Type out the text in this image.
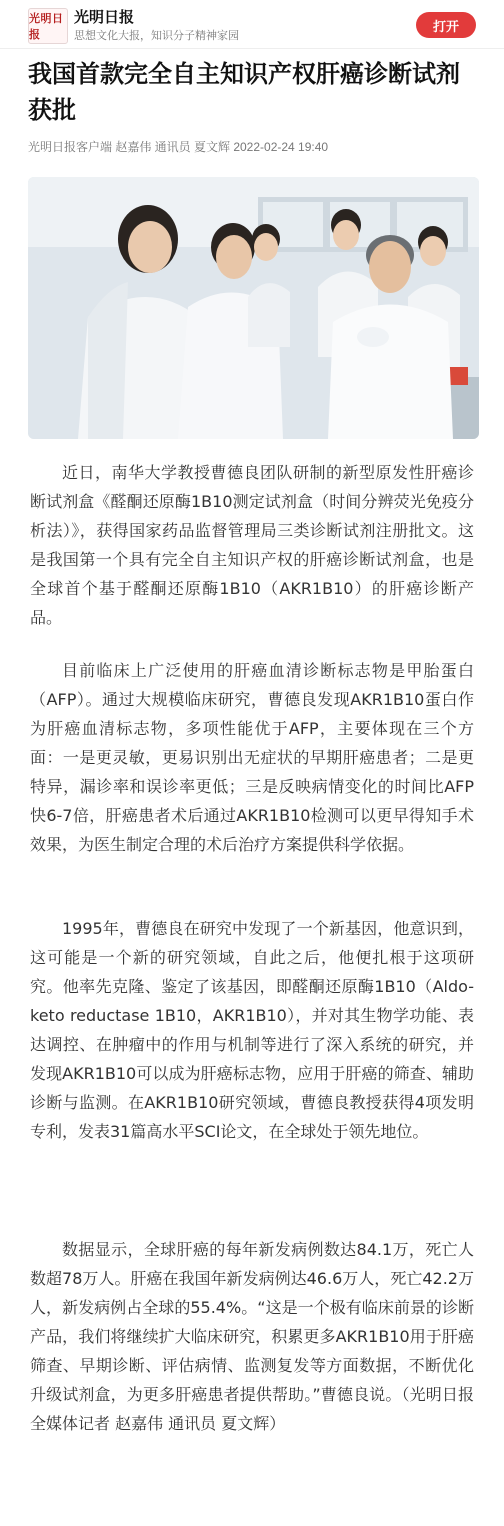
光明日报
光明日报
思想文化大报，知识分子精神家园
打开
我国首款完全自主知识产权肝癌诊断试剂获批
光明日报客户端 赵嘉伟 通讯员 夏文辉 2022-02-24 19:40

近日，南华大学教授曹德良团队研制的新型原发性肝癌诊断试剂盒《醛酮还原酶1B10测定试剂盒（时间分辨荧光免疫分析法）》，获得国家药品监督管理局三类诊断试剂注册批文。这是我国第一个具有完全自主知识产权的肝癌诊断试剂盒，也是全球首个基于醛酮还原酶1B10（AKR1B10）的肝癌诊断产品。

目前临床上广泛使用的肝癌血清诊断标志物是甲胎蛋白（AFP）。通过大规模临床研究，曹德良发现AKR1B10蛋白作为肝癌血清标志物，多项性能优于AFP，主要体现在三个方面：一是更灵敏，更易识别出无症状的早期肝癌患者；二是更特异，漏诊率和误诊率更低；三是反映病情变化的时间比AFP快6-7倍，肝癌患者术后通过AKR1B10检测可以更早得知手术效果，为医生制定合理的术后治疗方案提供科学依据。

1995年，曹德良在研究中发现了一个新基因，他意识到，这可能是一个新的研究领域，自此之后，他便扎根于这项研究。他率先克隆、鉴定了该基因，即醛酮还原酶1B10（Aldo-keto reductase 1B10，AKR1B10），并对其生物学功能、表达调控、在肿瘤中的作用与机制等进行了深入系统的研究，并发现AKR1B10可以成为肝癌标志物，应用于肝癌的筛查、辅助诊断与监测。在AKR1B10研究领域，曹德良教授获得4项发明专利，发表31篇高水平SCI论文，在全球处于领先地位。

数据显示，全球肝癌的每年新发病例数达84.1万，死亡人数超78万人。肝癌在我国年新发病例达46.6万人，死亡42.2万人，新发病例占全球的55.4%。“这是一个极有临床前景的诊断产品，我们将继续扩大临床研究，积累更多AKR1B10用于肝癌筛查、早期诊断、评估病情、监测复发等方面数据，不断优化升级试剂盒，为更多肝癌患者提供帮助。”曹德良说。（光明日报全媒体记者 赵嘉伟 通讯员 夏文辉）
